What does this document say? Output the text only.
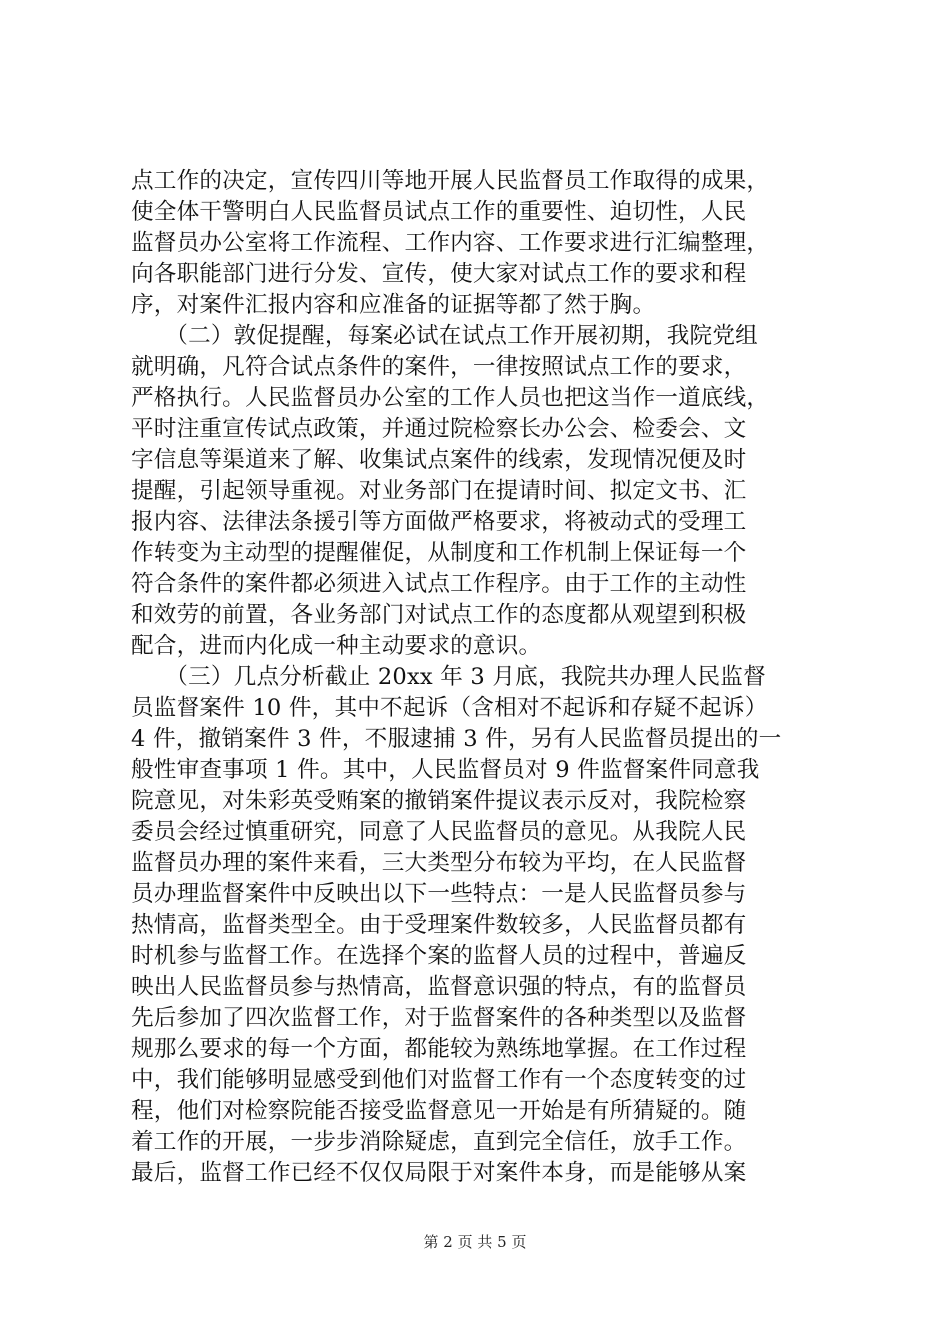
点工作的决定，宣传四川等地开展人民监督员工作取得的成果，
使全体干警明白人民监督员试点工作的重要性、迫切性，人民
监督员办公室将工作流程、工作内容、工作要求进行汇编整理，
向各职能部门进行分发、宣传，使大家对试点工作的要求和程
序，对案件汇报内容和应准备的证据等都了然于胸。
　　（二）敦促提醒，每案必试在试点工作开展初期，我院党组
就明确，凡符合试点条件的案件，一律按照试点工作的要求，
严格执行。人民监督员办公室的工作人员也把这当作一道底线，
平时注重宣传试点政策，并通过院检察长办公会、检委会、文
字信息等渠道来了解、收集试点案件的线索，发现情况便及时
提醒，引起领导重视。对业务部门在提请时间、拟定文书、汇
报内容、法律法条援引等方面做严格要求，将被动式的受理工
作转变为主动型的提醒催促，从制度和工作机制上保证每一个
符合条件的案件都必须进入试点工作程序。由于工作的主动性
和效劳的前置，各业务部门对试点工作的态度都从观望到积极
配合，进而内化成一种主动要求的意识。
　　（三）几点分析截止 20xx 年 3 月底，我院共办理人民监督
员监督案件 10 件，其中不起诉（含相对不起诉和存疑不起诉）
4 件，撤销案件 3 件，不服逮捕 3 件，另有人民监督员提出的一
般性审查事项 1 件。其中，人民监督员对 9 件监督案件同意我
院意见，对朱彩英受贿案的撤销案件提议表示反对，我院检察
委员会经过慎重研究，同意了人民监督员的意见。从我院人民
监督员办理的案件来看，三大类型分布较为平均，在人民监督
员办理监督案件中反映出以下一些特点：一是人民监督员参与
热情高，监督类型全。由于受理案件数较多，人民监督员都有
时机参与监督工作。在选择个案的监督人员的过程中，普遍反
映出人民监督员参与热情高，监督意识强的特点，有的监督员
先后参加了四次监督工作，对于监督案件的各种类型以及监督
规那么要求的每一个方面，都能较为熟练地掌握。在工作过程
中，我们能够明显感受到他们对监督工作有一个态度转变的过
程，他们对检察院能否接受监督意见一开始是有所猜疑的。随
着工作的开展，一步步消除疑虑，直到完全信任，放手工作。
最后，监督工作已经不仅仅局限于对案件本身，而是能够从案
第 2 页 共 5 页
